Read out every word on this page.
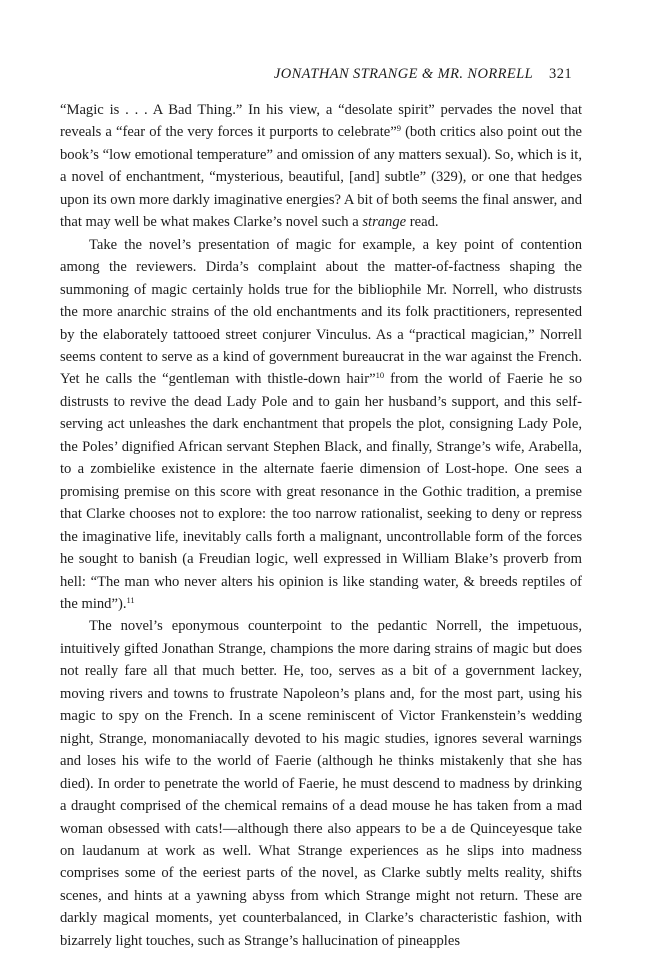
JONATHAN STRANGE & MR. NORRELL 321

“Magic is . . . A Bad Thing.” In his view, a “desolate spirit” pervades the novel that reveals a “fear of the very forces it purports to celebrate”$^9$ (both critics also point out the book’s “low emotional temperature” and omission of any matters sexual). So, which is it, a novel of enchantment, “mysterious, beautiful, [and] subtle” (329), or one that hedges upon its own more darkly imaginative energies? A bit of both seems the final answer, and that may well be what makes Clarke’s novel such a strange read.

Take the novel’s presentation of magic for example, a key point of contention among the reviewers. Dirda’s complaint about the matter-of-factness shaping the summoning of magic certainly holds true for the bibliophile Mr. Norrell, who distrusts the more anarchic strains of the old enchantments and its folk practitioners, represented by the elaborately tattooed street conjurer Vinculus. As a “practical magician,” Norrell seems content to serve as a kind of government bureaucrat in the war against the French. Yet he calls the “gentleman with thistle-down hair”$^{10}$ from the world of Faerie he so distrusts to revive the dead Lady Pole and to gain her husband’s support, and this self-serving act unleashes the dark enchantment that propels the plot, consigning Lady Pole, the Poles’ dignified African servant Stephen Black, and finally, Strange’s wife, Arabella, to a zombielike existence in the alternate faerie dimension of Lost-hope. One sees a promising premise on this score with great resonance in the Gothic tradition, a premise that Clarke chooses not to explore: the too narrow rationalist, seeking to deny or repress the imaginative life, inevitably calls forth a malignant, uncontrollable form of the forces he sought to banish (a Freudian logic, well expressed in William Blake’s proverb from hell: “The man who never alters his opinion is like standing water, & breeds reptiles of the mind”).$^{11}$

The novel’s eponymous counterpoint to the pedantic Norrell, the impetuous, intuitively gifted Jonathan Strange, champions the more daring strains of magic but does not really fare all that much better. He, too, serves as a bit of a government lackey, moving rivers and towns to frustrate Napoleon’s plans and, for the most part, using his magic to spy on the French. In a scene reminiscent of Victor Frankenstein’s wedding night, Strange, monomaniacally devoted to his magic studies, ignores several warnings and loses his wife to the world of Faerie (although he thinks mistakenly that she has died). In order to penetrate the world of Faerie, he must descend to madness by drinking a draught comprised of the chemical remains of a dead mouse he has taken from a mad woman obsessed with cats!—although there also appears to be a de Quinceyesque take on laudanum at work as well. What Strange experiences as he slips into madness comprises some of the eeriest parts of the novel, as Clarke subtly melts reality, shifts scenes, and hints at a yawning abyss from which Strange might not return. These are darkly magical moments, yet counterbalanced, in Clarke’s characteristic fashion, with bizarrely light touches, such as Strange’s hallucination of pineapples
